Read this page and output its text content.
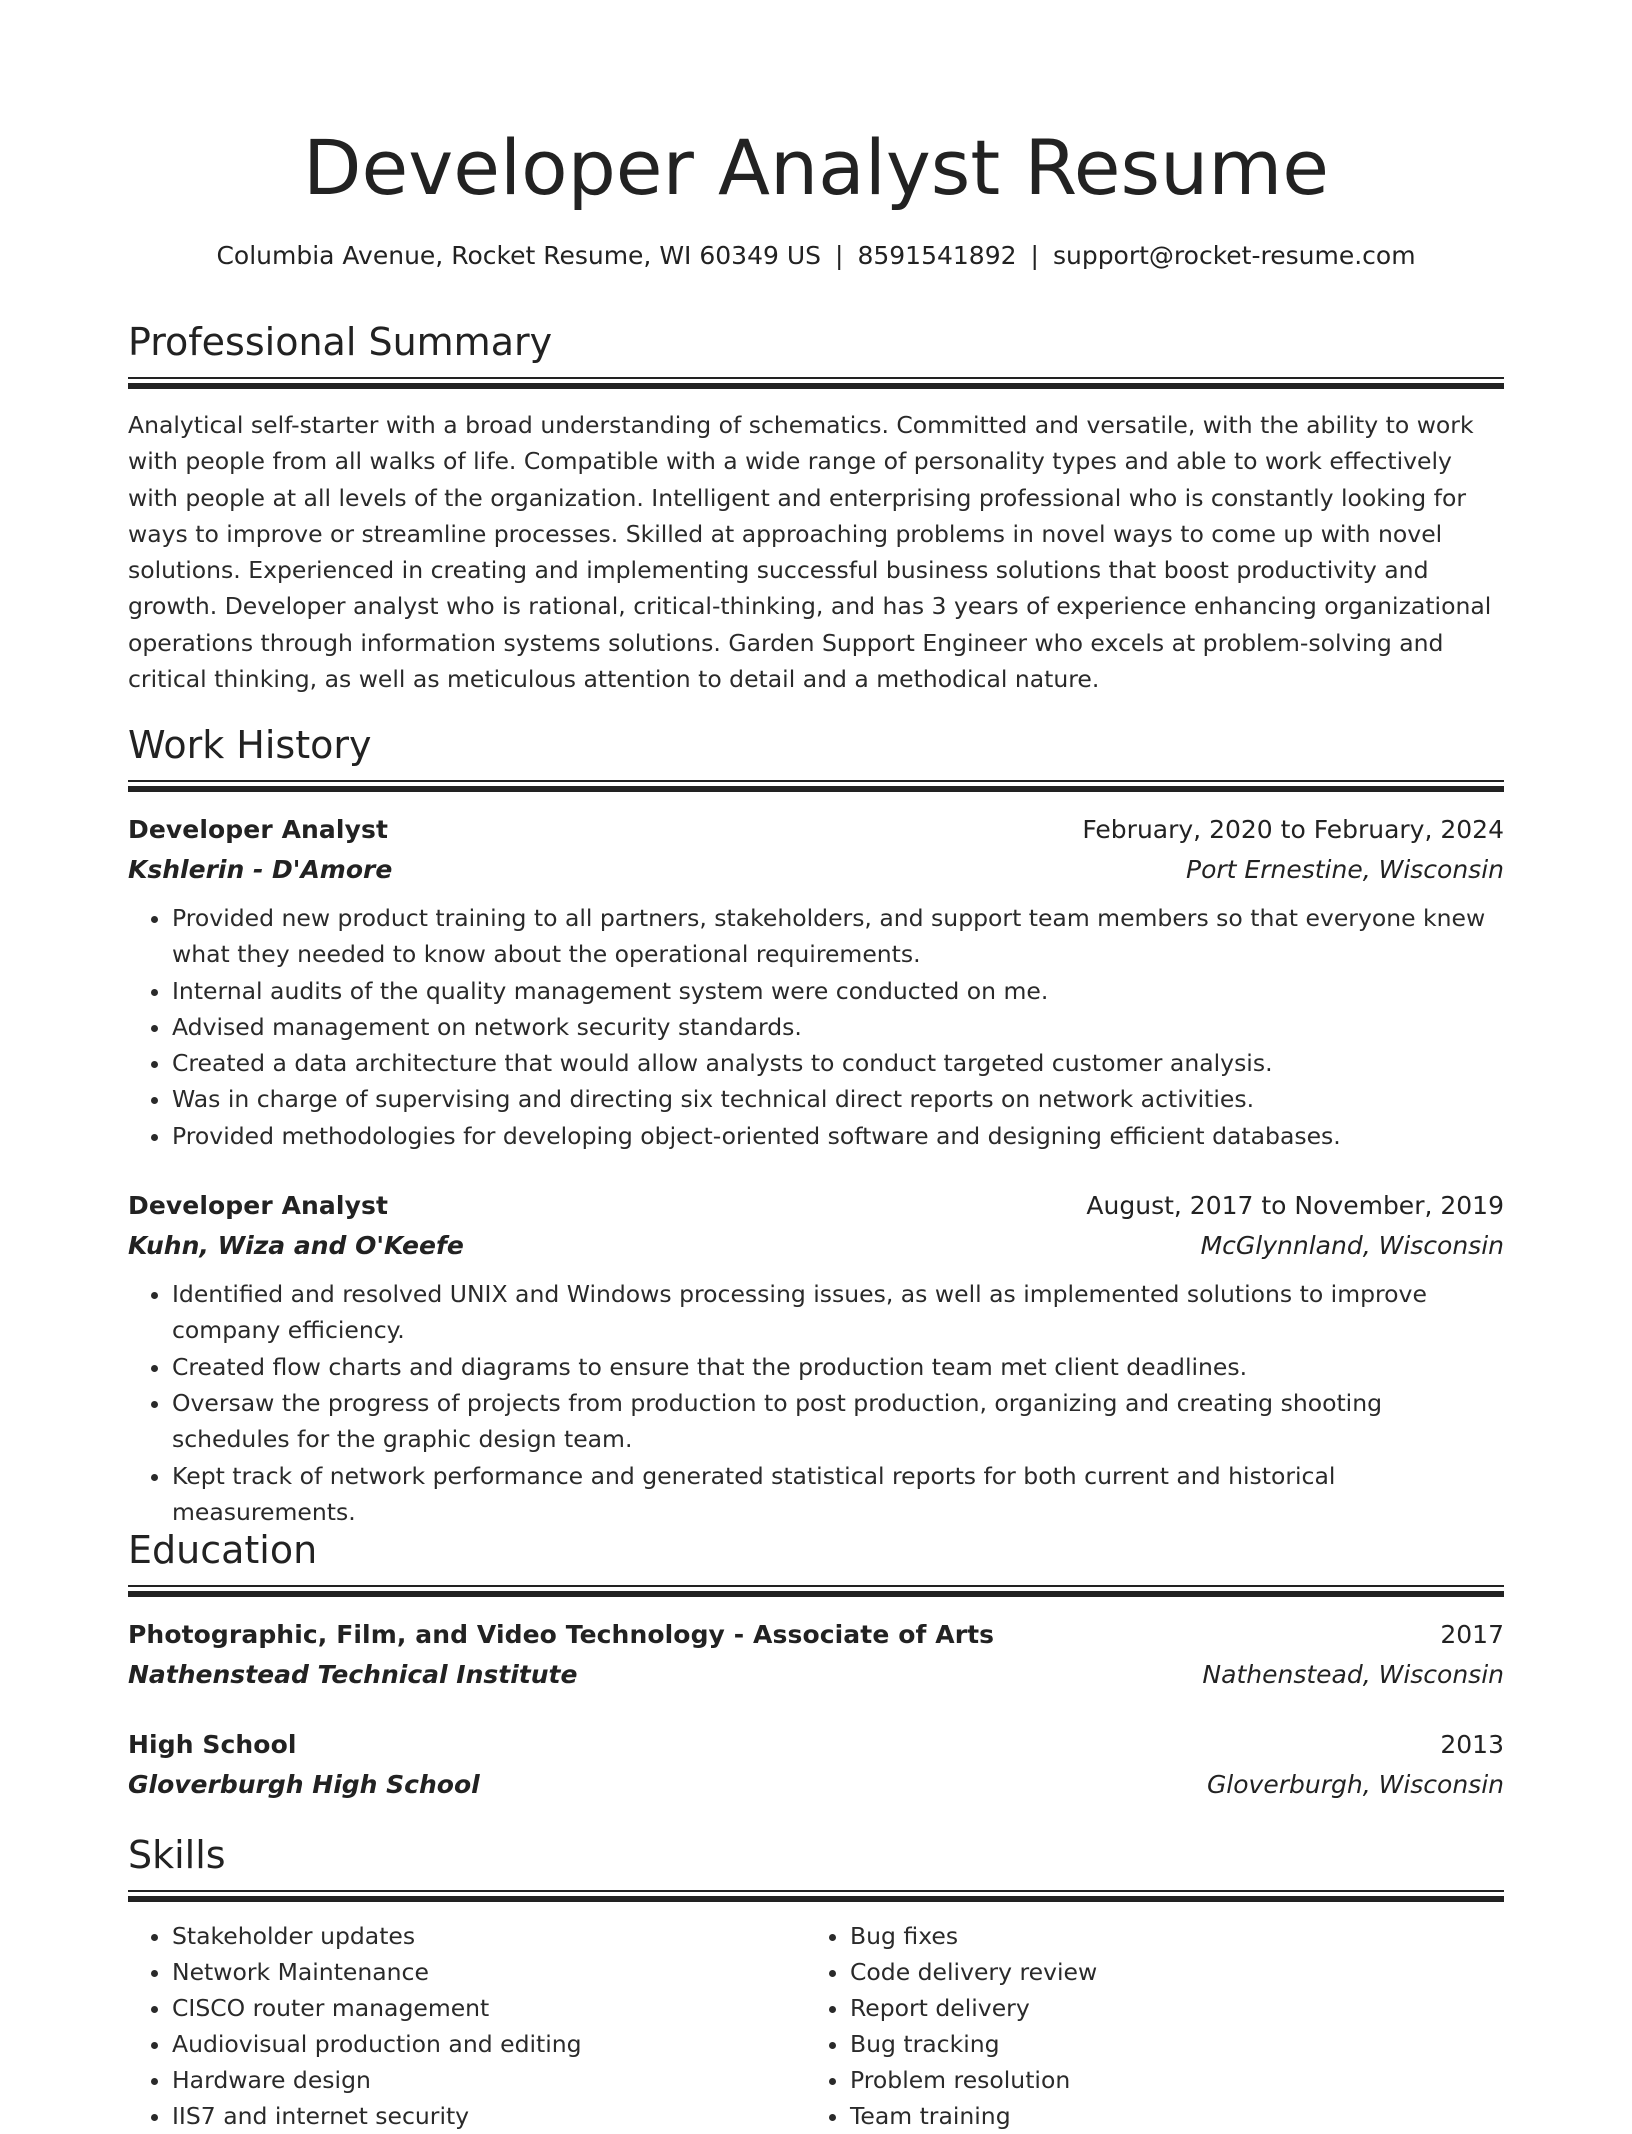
Developer Analyst Resume
Columbia Avenue, Rocket Resume, WI 60349 US | 8591541892 | support@rocket-resume.com
Professional Summary

Analytical self-starter with a broad understanding of schematics. Committed and versatile, with the ability to work with people from all walks of life. Compatible with a wide range of personality types and able to work effectively with people at all levels of the organization. Intelligent and enterprising professional who is constantly looking for ways to improve or streamline processes. Skilled at approaching problems in novel ways to come up with novel solutions. Experienced in creating and implementing successful business solutions that boost productivity and growth. Developer analyst who is rational, critical-thinking, and has 3 years of experience enhancing organizational operations through information systems solutions. Garden Support Engineer who excels at problem-solving and critical thinking, as well as meticulous attention to detail and a methodical nature.

Work History
Developer Analyst	February, 2020 to February, 2024
Kshlerin - D'Amore	Port Ernestine, Wisconsin
• Provided new product training to all partners, stakeholders, and support team members so that everyone knew what they needed to know about the operational requirements.
• Internal audits of the quality management system were conducted on me.
• Advised management on network security standards.
• Created a data architecture that would allow analysts to conduct targeted customer analysis.
• Was in charge of supervising and directing six technical direct reports on network activities.
• Provided methodologies for developing object-oriented software and designing efficient databases.
Developer Analyst	August, 2017 to November, 2019
Kuhn, Wiza and O'Keefe	McGlynnland, Wisconsin
• Identified and resolved UNIX and Windows processing issues, as well as implemented solutions to improve company efficiency.
• Created flow charts and diagrams to ensure that the production team met client deadlines.
• Oversaw the progress of projects from production to post production, organizing and creating shooting schedules for the graphic design team.
• Kept track of network performance and generated statistical reports for both current and historical measurements.
Education
Photographic, Film, and Video Technology - Associate of Arts	2017
Nathenstead Technical Institute	Nathenstead, Wisconsin
High School	2013
Gloverburgh High School	Gloverburgh, Wisconsin
Skills
• Stakeholder updates
• Network Maintenance
• CISCO router management
• Audiovisual production and editing
• Hardware design
• IIS7 and internet security
• Bug fixes
• Code delivery review
• Report delivery
• Bug tracking
• Problem resolution
• Team training
